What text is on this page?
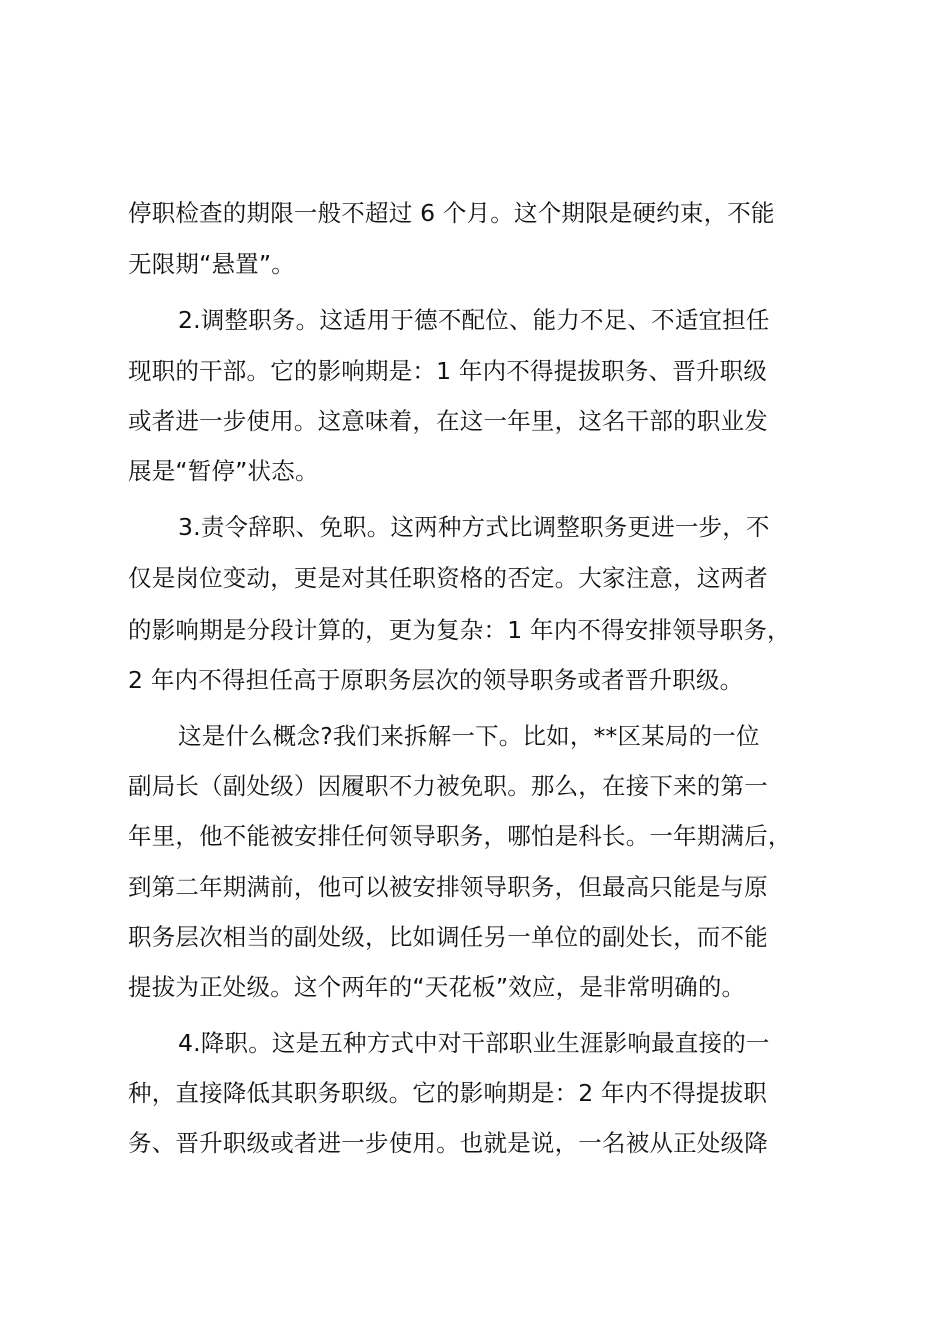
停职检查的期限一般不超过 6 个月。这个期限是硬约束，不能
无限期“悬置”。
2.调整职务。这适用于德不配位、能力不足、不适宜担任
现职的干部。它的影响期是：1 年内不得提拔职务、晋升职级
或者进一步使用。这意味着，在这一年里，这名干部的职业发
展是“暂停”状态。
3.责令辞职、免职。这两种方式比调整职务更进一步，不
仅是岗位变动，更是对其任职资格的否定。大家注意，这两者
的影响期是分段计算的，更为复杂：1 年内不得安排领导职务，
2 年内不得担任高于原职务层次的领导职务或者晋升职级。
这是什么概念?我们来拆解一下。比如，**区某局的一位
副局长（副处级）因履职不力被免职。那么，在接下来的第一
年里，他不能被安排任何领导职务，哪怕是科长。一年期满后，
到第二年期满前，他可以被安排领导职务，但最高只能是与原
职务层次相当的副处级，比如调任另一单位的副处长，而不能
提拔为正处级。这个两年的“天花板”效应，是非常明确的。
4.降职。这是五种方式中对干部职业生涯影响最直接的一
种，直接降低其职务职级。它的影响期是：2 年内不得提拔职
务、晋升职级或者进一步使用。也就是说，一名被从正处级降
